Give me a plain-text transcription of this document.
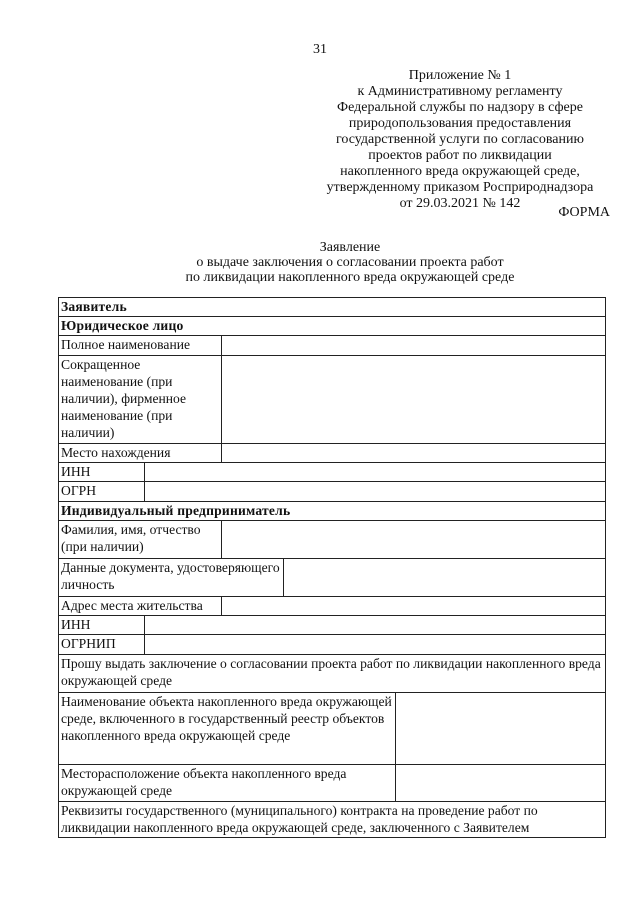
31
Приложение № 1
к Административному регламенту
Федеральной службы по надзору в сфере
природопользования предоставления
государственной услуги по согласованию
проектов работ по ликвидации
накопленного вреда окружающей среде,
утвержденному приказом Росприроднадзора
от 29.03.2021 № 142
ФОРМА
Заявление
о выдаче заключения о согласовании проекта работ
по ликвидации накопленного вреда окружающей среде
Заявитель				
Юридическое лицо				
Полное наименование				
Сокращенное наименование (при наличии), фирменное наименование (при наличии)				
Место нахождения				
ИНН				
ОГРН				
Индивидуальный предприниматель				
Фамилия, имя, отчество (при наличии)				
Данные документа, удостоверяющего личность				
Адрес места жительства				
ИНН				
ОГРНИП				
Прошу выдать заключение о согласовании проекта работ по ликвидации накопленного вреда окружающей среде				
Наименование объекта накопленного вреда окружающей среде, включенного в государственный реестр объектов накопленного вреда окружающей среде				
Месторасположение объекта накопленного вреда окружающей среде				
Реквизиты государственного (муниципального) контракта на проведение работ по ликвидации накопленного вреда окружающей среде, заключенного с Заявителем				
